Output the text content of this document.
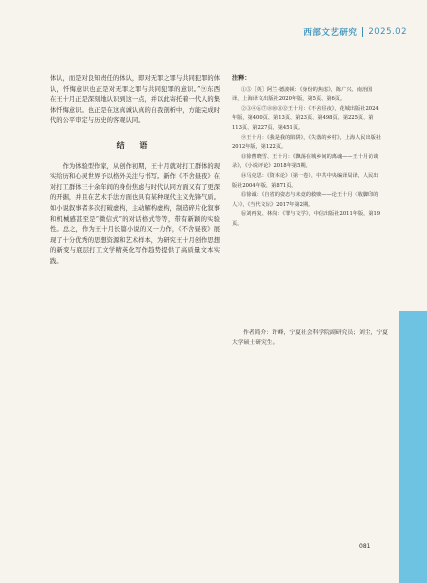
西部文艺研究 2025.02

体认，而是对良知责任的体认，即对无罪之罪与共同犯罪的体认，忏悔意识也正是对无罪之罪与共同犯罪的意识。”⑨东西在王十月正是深刻地认识到这一点，并以此寄托着一代人的集体忏悔意识。也正是在这真诚认真的自我剖析中，方能完成时代的公平审定与历史的客观认同。

结 语

作为体验型作家，从创作初期，王十月就对打工群体的现实给历和心灵世界予以格外关注与书写。新作《不舍昼夜》在对打工群体三十余年间的身份焦虑与时代认同方面又有了更深的开掘，并且在艺术手法方面也具有某种现代主义先锋气质。如小说叙事者多次打破虚构，主动解构虚构，制造碎片化叙事和机械感甚至是“微信式”的对话格式等等，带有新颖的实验性。总之，作为王十月长篇小说的又一力作，《不舍昼夜》展现了十分优秀的思想资源和艺术样本，为研究王十月创作思想的新变与底层打工文学精英化写作趋势提供了高质量文本实践。

注释：

①⑤［英］阿兰·德波顿：《身份的焦虑》，陈广兴、南治国译，上海译文出版社2020年版，第5页、第6页。

②③④⑥⑦⑧⑩⑪⑫王十月：《不舍昼夜》，花城出版社2024年版，第400页、第13页、第23页、第498页、第225页、第113页、第227页、第451页。

⑨王十月：《我是我的陷阱》，《失落的乡村》，上海人民出版社2012年版，第122页。

⑬徐曹晓雪、王十月：《飘荡在城乡间的离魂——王十月访谈录》，《小说评论》2018年第5期。

⑭马克思：《资本论》（第一卷），中共中央编译局译，人民出版社2004年版，第871页。

⑮徐诚：《自省的姿态与未竟的救赎——论王十月〈收脚印的人〉》，《当代文坛》2017年第2期。

⑯刘再复、林岗：《罪与文学》，中信出版社2011年版，第19页。

作者简介：许峰，宁夏社会科学院副研究员；刘尘，宁夏大学硕士研究生。
081
